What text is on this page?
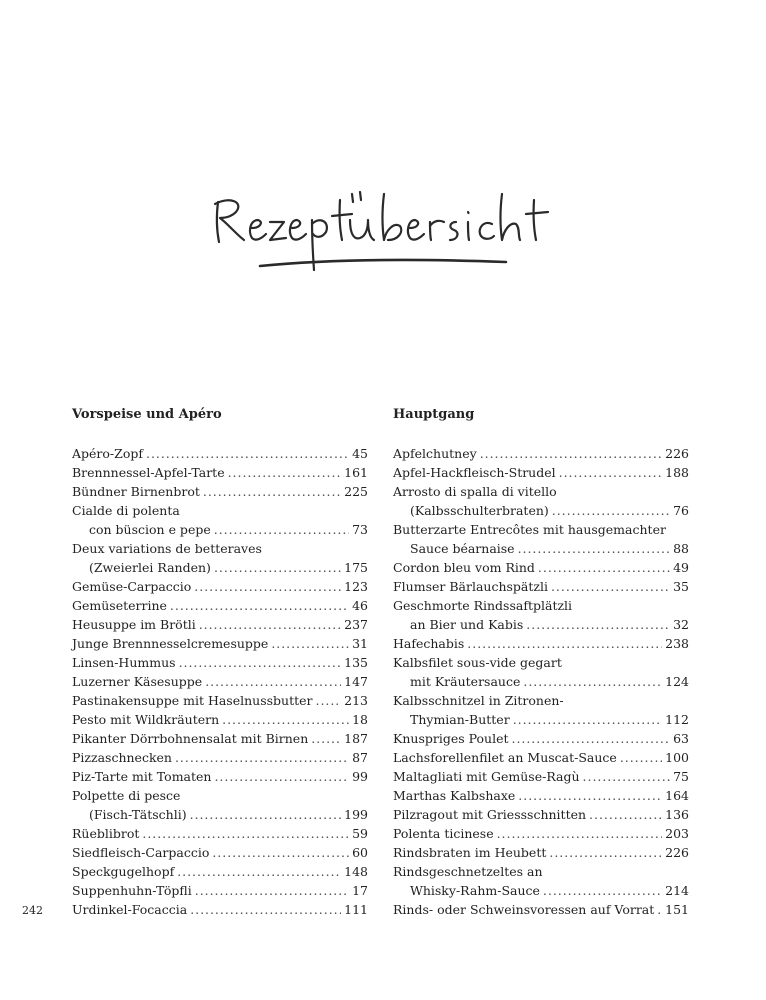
Vorspeise und Apéro
Apéro-Zopf . . .	45
Brennnessel-Apfel-Tarte . . .	161
Bündner Birnenbrot . . .	225
Cialde di polenta
con büscion e pepe . . .	73
Deux variations de betteraves
(Zweierlei Randen) . . .	175
Gemüse-Carpaccio . . .	123
Gemüseterrine . . .	46
Heusuppe im Brötli . . .	237
Junge Brennnesselcremesuppe . . .	31
Linsen-Hummus . . .	135
Luzerner Käsesuppe . . .	147
Pastinakensuppe mit Haselnussbutter . . .	213
Pesto mit Wildkräutern . . .	18
Pikanter Dörrbohnensalat mit Birnen . . .	187
Pizzaschnecken . . .	87
Piz-Tarte mit Tomaten . . .	99
Polpette di pesce
(Fisch-Tätschli) . . .	199
Rüeblibrot . . .	59
Siedfleisch-Carpaccio . . .	60
Speckgugelhopf . . .	148
Suppenhuhn-Töpfli . . .	17
Urdinkel-Focaccia . . .	111
Hauptgang
Apfelchutney . . .	226
Apfel-Hackfleisch-Strudel . . .	188
Arrosto di spalla di vitello
(Kalbsschulterbraten) . . .	76
Butterzarte Entrecôtes mit hausgemachter
Sauce béarnaise . . .	88
Cordon bleu vom Rind . . .	49
Flumser Bärlauchspätzli . . .	35
Geschmorte Rindssaftplätzli
an Bier und Kabis . . .	32
Hafechabis . . .	238
Kalbsfilet sous-vide gegart
mit Kräutersauce . . .	124
Kalbsschnitzel in Zitronen-
Thymian-Butter . . .	112
Knuspriges Poulet . . .	63
Lachsforellenfilet an Muscat-Sauce . . .	100
Maltagliati mit Gemüse-Ragù . . .	75
Marthas Kalbshaxe . . .	164
Pilzragout mit Griessschnitten . . .	136
Polenta ticinese . . .	203
Rindsbraten im Heubett . . .	226
Rindsgeschnetzeltes an
Whisky-Rahm-Sauce . . .	214
Rinds- oder Schweinsvoressen auf Vorrat . . . 151
242
